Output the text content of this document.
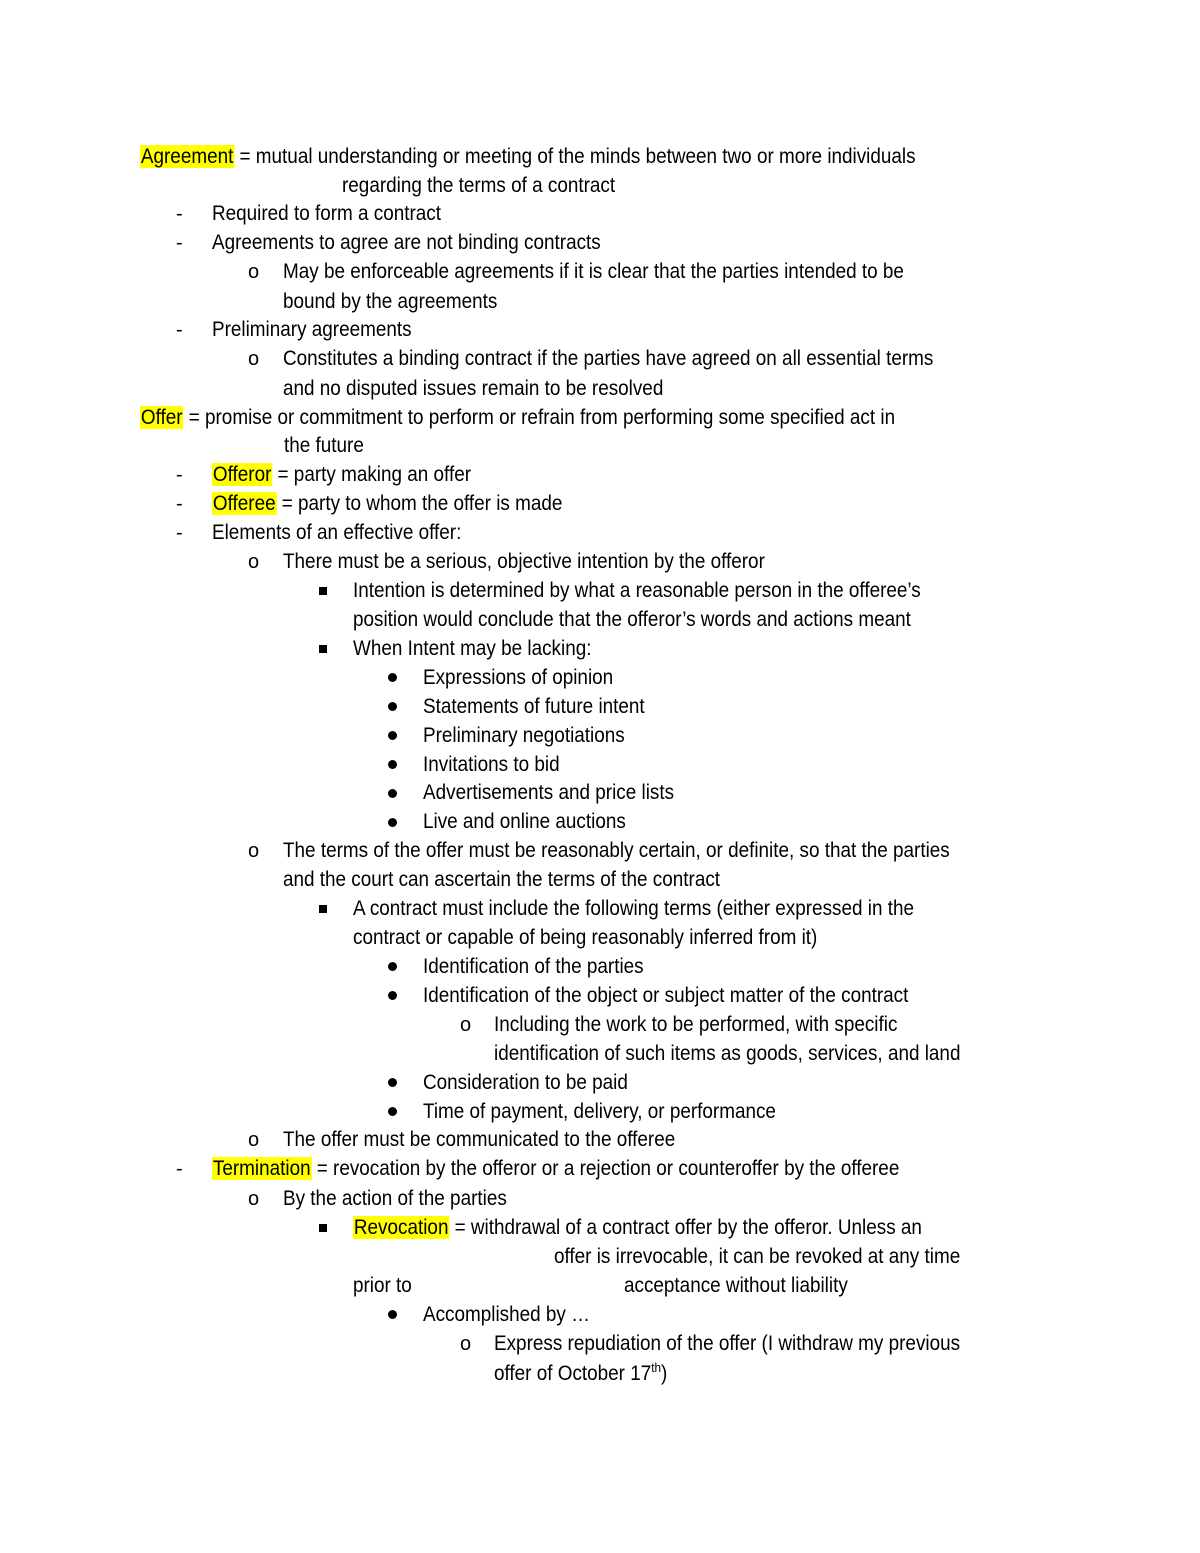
Agreement = mutual understanding or meeting of the minds between two or more individuals
regarding the terms of a contract
- Required to form a contract
- Agreements to agree are not binding contracts
o May be enforceable agreements if it is clear that the parties intended to be
bound by the agreements
- Preliminary agreements
o Constitutes a binding contract if the parties have agreed on all essential terms
and no disputed issues remain to be resolved
Offer = promise or commitment to perform or refrain from performing some specified act in
the future
- Offeror = party making an offer
- Offeree = party to whom the offer is made
- Elements of an effective offer:
o There must be a serious, objective intention by the offeror
Intention is determined by what a reasonable person in the offeree’s
position would conclude that the offeror’s words and actions meant
When Intent may be lacking:
Expressions of opinion
Statements of future intent
Preliminary negotiations
Invitations to bid
Advertisements and price lists
Live and online auctions
o The terms of the offer must be reasonably certain, or definite, so that the parties
and the court can ascertain the terms of the contract
A contract must include the following terms (either expressed in the
contract or capable of being reasonably inferred from it)
Identification of the parties
Identification of the object or subject matter of the contract
o Including the work to be performed, with specific
identification of such items as goods, services, and land
Consideration to be paid
Time of payment, delivery, or performance
o The offer must be communicated to the offeree
- Termination = revocation by the offeror or a rejection or counteroffer by the offeree
o By the action of the parties
Revocation = withdrawal of a contract offer by the offeror. Unless an
offer is irrevocable, it can be revoked at any time
prior to	acceptance without liability
Accomplished by …
o Express repudiation of the offer (I withdraw my previous
offer of October 17th)
